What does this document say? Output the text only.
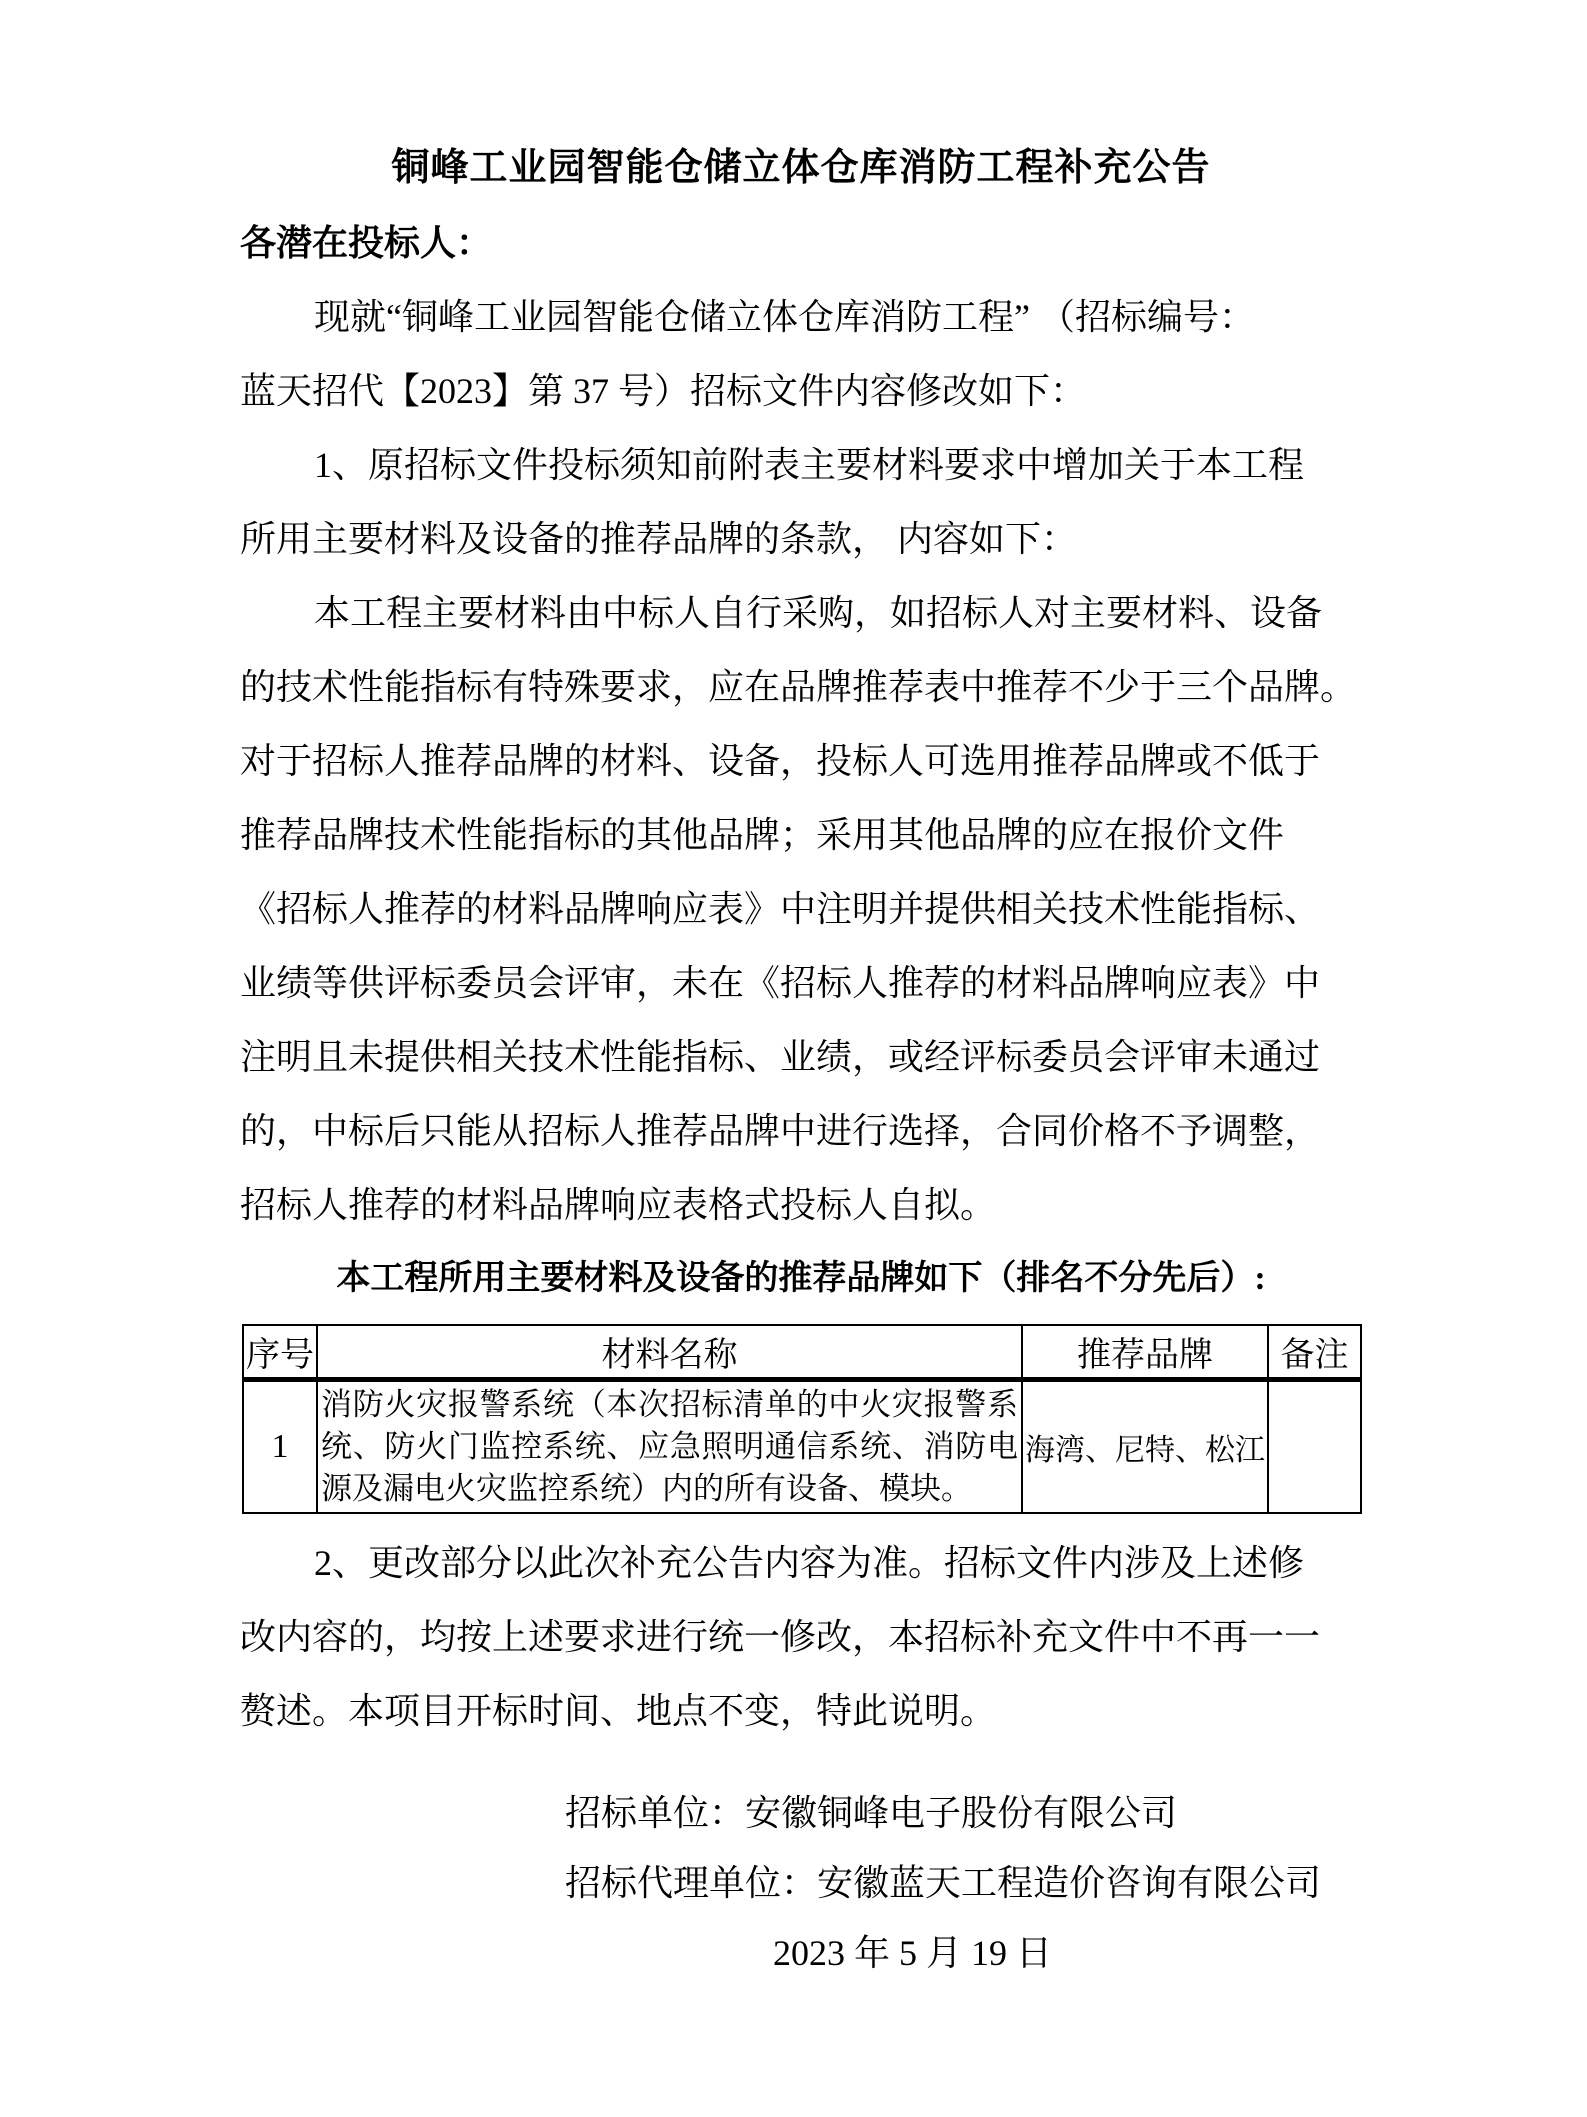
铜峰工业园智能仓储立体仓库消防工程补充公告
各潜在投标人：
现就“铜峰工业园智能仓储立体仓库消防工程” （招标编号：
蓝天招代【2023】第 37 号）招标文件内容修改如下：
1、原招标文件投标须知前附表主要材料要求中增加关于本工程
所用主要材料及设备的推荐品牌的条款， 内容如下：
本工程主要材料由中标人自行采购，如招标人对主要材料、设备
的技术性能指标有特殊要求，应在品牌推荐表中推荐不少于三个品牌。
对于招标人推荐品牌的材料、设备，投标人可选用推荐品牌或不低于
推荐品牌技术性能指标的其他品牌；采用其他品牌的应在报价文件
《招标人推荐的材料品牌响应表》中注明并提供相关技术性能指标、
业绩等供评标委员会评审，未在《招标人推荐的材料品牌响应表》中
注明且未提供相关技术性能指标、业绩，或经评标委员会评审未通过
的，中标后只能从招标人推荐品牌中进行选择，合同价格不予调整，
招标人推荐的材料品牌响应表格式投标人自拟。
本工程所用主要材料及设备的推荐品牌如下（排名不分先后）:
序号	材料名称	推荐品牌	备注
1	消防火灾报警系统（本次招标清单的中火灾报警系统、防火门监控系统、应急照明通信系统、消防电源及漏电火灾监控系统）内的所有设备、模块。	海湾、尼特、松江	
2、更改部分以此次补充公告内容为准。招标文件内涉及上述修
改内容的，均按上述要求进行统一修改，本招标补充文件中不再一一
赘述。本项目开标时间、地点不变，特此说明。
招标单位：安徽铜峰电子股份有限公司
招标代理单位：安徽蓝天工程造价咨询有限公司
2023 年 5 月 19 日
